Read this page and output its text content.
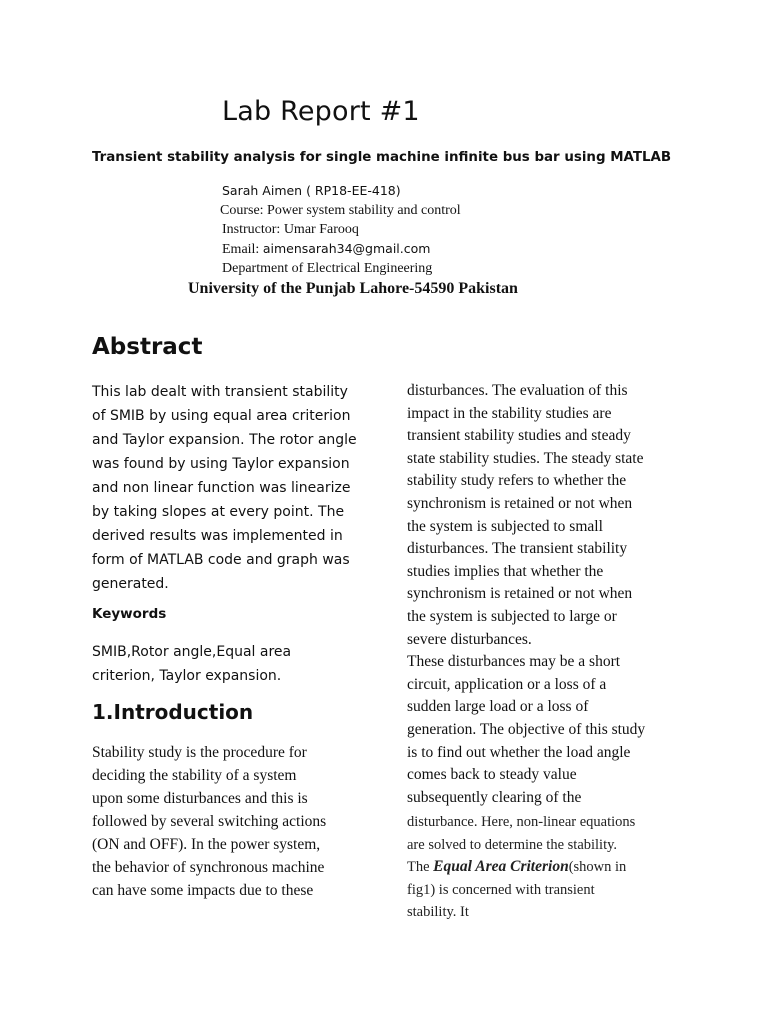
Lab Report #1
Transient stability analysis for single machine infinite bus bar using MATLAB
Sarah Aimen ( RP18-EE-418)
Course: Power system stability and control
Instructor: Umar Farooq
Email: aimensarah34@gmail.com
Department of Electrical Engineering
University of the Punjab Lahore-54590 Pakistan
Abstract

This lab dealt with transient stability
of SMIB by using equal area criterion
and Taylor expansion. The rotor angle
was found by using Taylor expansion
and non linear function was linearize
by taking slopes at every point. The
derived results was implemented in
form of MATLAB code and graph was
generated.

Keywords

SMIB,Rotor angle,Equal area
criterion, Taylor expansion.

1.Introduction

Stability study is the procedure for
deciding the stability of a system
upon some disturbances and this is
followed by several switching actions
(ON and OFF). In the power system,
the behavior of synchronous machine
can have some impacts due to these

disturbances. The evaluation of this
impact in the stability studies are
transient stability studies and steady
state stability studies. The steady state
stability study refers to whether the
synchronism is retained or not when
the system is subjected to small
disturbances. The transient stability
studies implies that whether the
synchronism is retained or not when
the system is subjected to large or
severe disturbances.
These disturbances may be a short
circuit, application or a loss of a
sudden large load or a loss of
generation. The objective of this study
is to find out whether the load angle
comes back to steady value
subsequently clearing of the

disturbance. Here, non-linear equations
are solved to determine the stability.
The Equal Area Criterion(shown in
fig1) is concerned with transient
stability. It
